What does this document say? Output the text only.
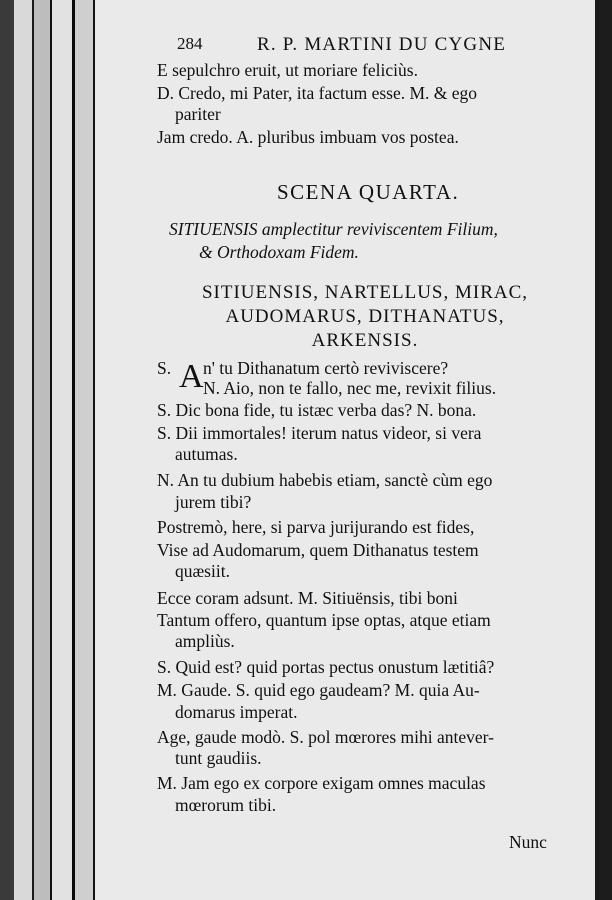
284	R. P. MARTINI DU CYGNE
E sepulchro eruit, ut moriare feliciùs.
D. Credo, mi Pater, ita factum esse. M. & ego
pariter
Jam credo. A. pluribus imbuam vos postea.
SCENA QUARTA.
SITIUENSIS amplectitur reviviscentem Filium,
& Orthodoxam Fidem.
SITIUENSIS, NARTELLUS, MIRAC,
AUDOMARUS, DITHANATUS,
ARKENSIS.
S. A n' tu Dithanatum certò reviviscere?
N. Aio, non te fallo, nec me, revixit filius.
S. Dic bona fide, tu istæc verba das? N. bona.
S. Dii immortales! iterum natus videor, si vera
autumas.
N. An tu dubium habebis etiam, sanctè cùm ego
jurem tibi?
Postremò, here, si parva jurijurando est fides,
Vise ad Audomarum, quem Dithanatus testem
quæsiit.
Ecce coram adsunt. M. Sitiuënsis, tibi boni
Tantum offero, quantum ipse optas, atque etiam
ampliùs.
S. Quid est? quid portas pectus onustum lætitiâ?
M. Gaude. S. quid ego gaudeam? M. quia Au-
domarus imperat.
Age, gaude modò. S. pol mœrores mihi antever-
tunt gaudiis.
M. Jam ego ex corpore exigam omnes maculas
mœrorum tibi.
Nunc
